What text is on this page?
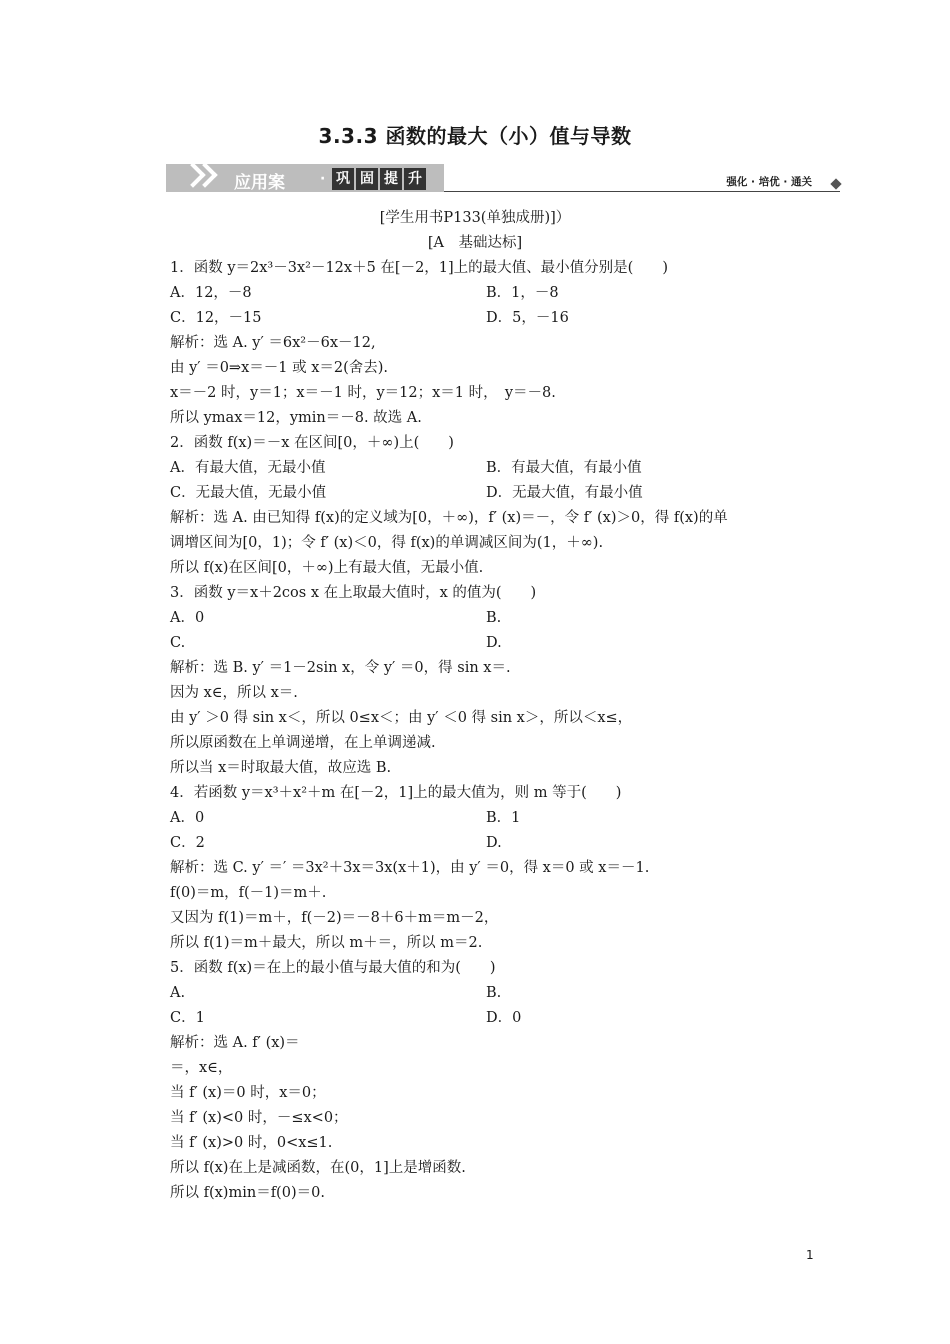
3.3.3 函数的最大（小）值与导数
应用案	· 巩 固 提 升	强化 · 培优 · 通关
[学生用书P133(单独成册)]）
[A　基础达标]
1．函数 y＝2x³－3x²－12x＋5 在[－2，1]上的最大值、最小值分别是(　　)
A．12，－8	B．1，－8
C．12，－15	D．5，－16
解析：选 A. y′ ＝6x²－6x－12,
由 y′ ＝0⇒x＝－1 或 x＝2(舍去).
x＝－2 时，y＝1；x＝－1 时，y＝12；x＝1 时，　y＝－8.
所以 ymax＝12，ymin＝－8. 故选 A.
2．函数 f(x)＝－x 在区间[0，＋∞)上(　　)
A．有最大值，无最小值	B．有最大值，有最小值
C．无最大值，无最小值	D．无最大值，有最小值
解析：选 A. 由已知得 f(x)的定义域为[0，＋∞)，f′ (x)＝－，令 f′ (x)＞0，得 f(x)的单
调增区间为[0，1)；令 f′ (x)＜0，得 f(x)的单调减区间为(1，＋∞).
所以 f(x)在区间[0，＋∞)上有最大值，无最小值.
3．函数 y＝x＋2cos x 在上取最大值时，x 的值为(　　)
A．0	B.
C.	D.
解析：选 B. y′ ＝1－2sin x，令 y′ ＝0，得 sin x＝.
因为 x∈，所以 x＝.
由 y′ ＞0 得 sin x＜，所以 0≤x＜；由 y′ ＜0 得 sin x＞，所以＜x≤，
所以原函数在上单调递增，在上单调递减.
所以当 x＝时取最大值，故应选 B.
4．若函数 y＝x³＋x²＋m 在[－2，1]上的最大值为，则 m 等于(　　)
A．0	B．1
C．2	D.
解析：选 C. y′ ＝′ ＝3x²＋3x＝3x(x＋1)，由 y′ ＝0，得 x＝0 或 x＝－1.
f(0)＝m，f(－1)＝m＋.
又因为 f(1)＝m＋，f(－2)＝－8＋6＋m＝m－2，
所以 f(1)＝m＋最大，所以 m＋＝，所以 m＝2.
5．函数 f(x)＝在上的最小值与最大值的和为(　　)
A.	B.
C．1	D．0
解析：选 A. f′ (x)＝
＝，x∈，
当 f′ (x)＝0 时，x＝0；
当 f′ (x)<0 时，－≤x<0；
当 f′ (x)>0 时，0<x≤1.
所以 f(x)在上是减函数，在(0，1]上是增函数.
所以 f(x)min＝f(0)＝0.
1
